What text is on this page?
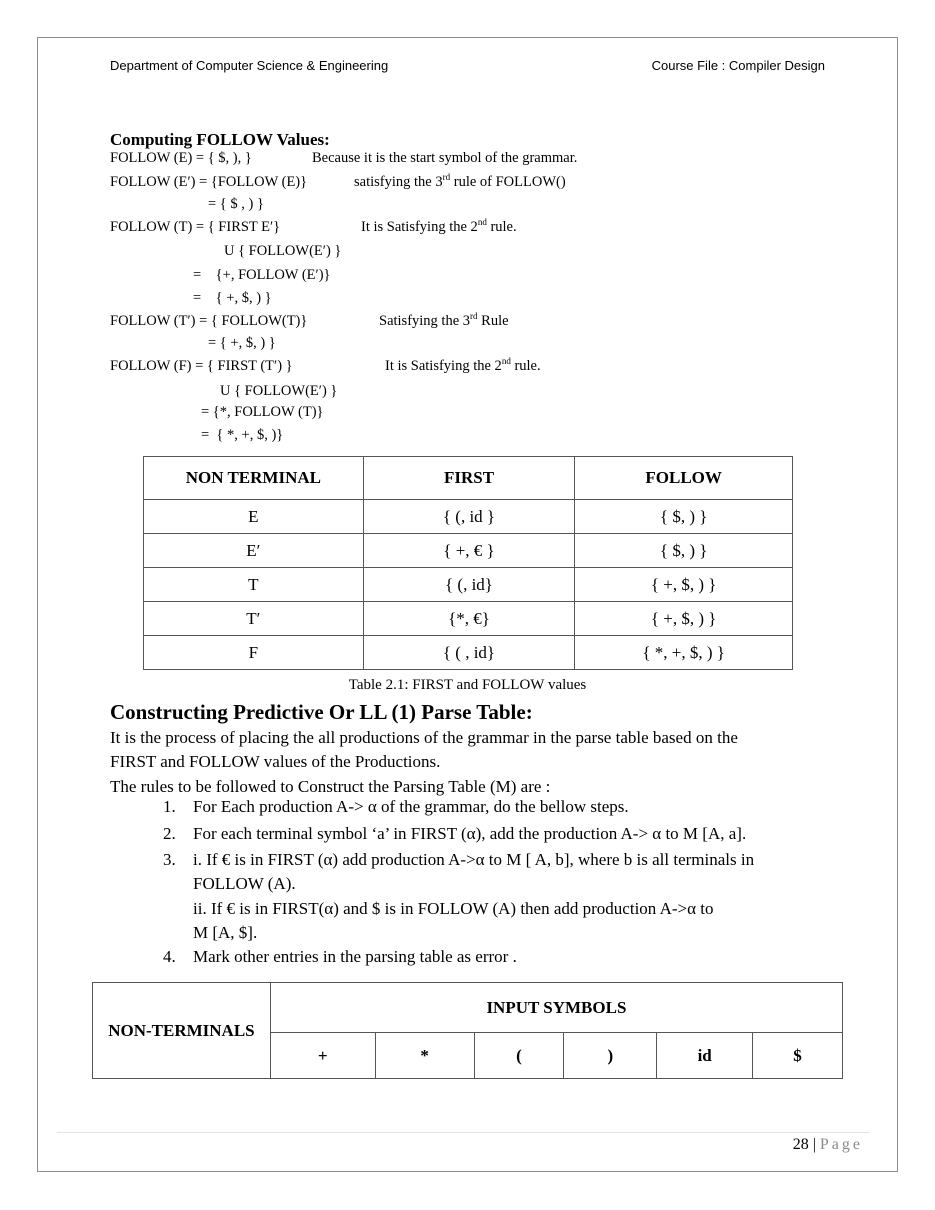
Department of Computer Science & Engineering	Course File : Compiler Design
Computing FOLLOW Values:
FOLLOW (E) = { $, ), }	Because it is the start symbol of the grammar.
FOLLOW (E′) = {FOLLOW (E)}	satisfying the 3rd rule of FOLLOW()
= { $ , ) }
FOLLOW (T) = { FIRST E′}	It is Satisfying the 2nd rule.
U { FOLLOW(E′) }
=    {+, FOLLOW (E′)}
=    { +, $, ) }
FOLLOW (T′) = { FOLLOW(T)}	Satisfying the 3rd Rule
= { +, $, ) }
FOLLOW (F) = { FIRST (T′) }	It is Satisfying the 2nd rule.
U { FOLLOW(E′) }
= {*, FOLLOW (T)}
=  { *, +, $, )}
NON TERMINAL	FIRST	FOLLOW
E	{ (, id }	{ $, ) }
E′	{ +, € }	{ $, ) }
T	{ (, id}	{ +, $, ) }
T′	{*, €}	{ +, $, ) }
F	{ ( , id}	{ *, +, $, ) }
Table 2.1: FIRST and FOLLOW values
Constructing Predictive Or LL (1) Parse Table:
It is the process of placing the all productions of the grammar in the parse table based on the
FIRST and FOLLOW values of the Productions.
The rules to be followed to Construct the Parsing Table (M) are :
1. For Each production A-> α of the grammar, do the bellow steps.
2. For each terminal symbol ‘a’ in FIRST (α), add the production A-> α to M [A, a].
3. i. If € is in FIRST (α) add production A->α to M [ A, b], where b is all terminals in
FOLLOW (A).
ii. If € is in FIRST(α) and $ is in FOLLOW (A) then add production A->α to
M [A, $].
4. Mark other entries in the parsing table as error .
NON-TERMINALS	INPUT SYMBOLS					
	+	*	(	)	id	$
28 | Page
